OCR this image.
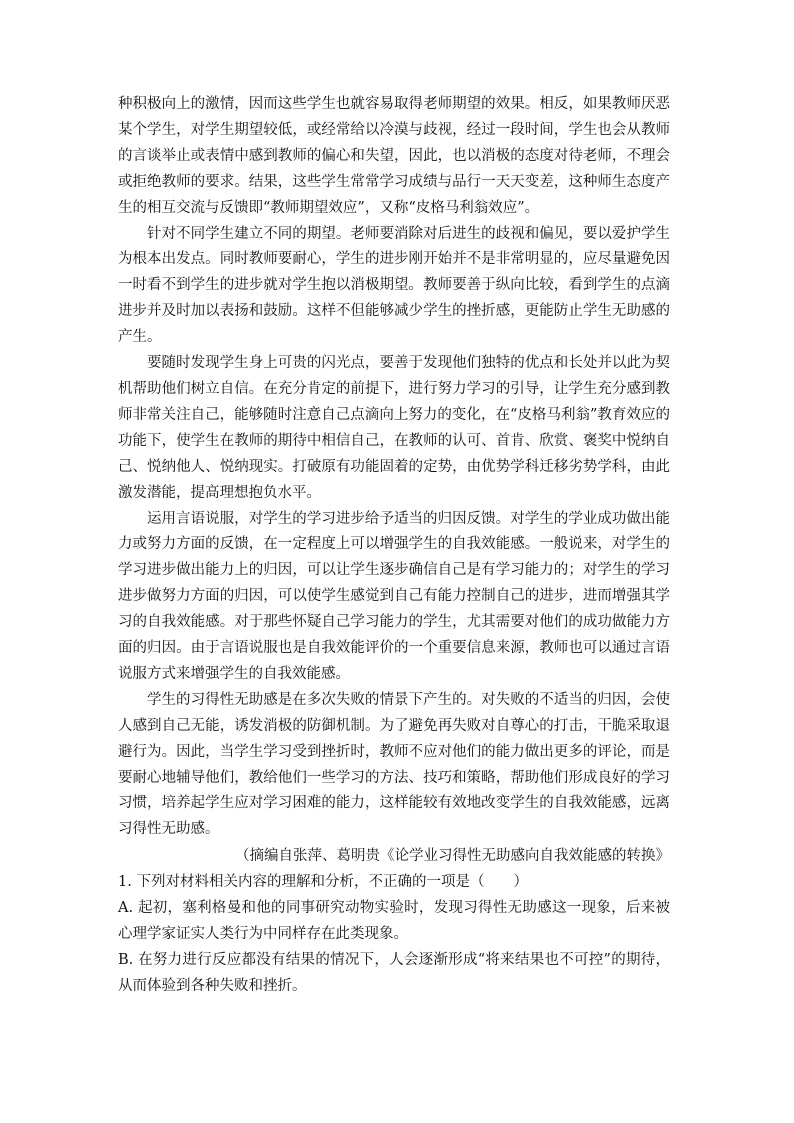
种积极向上的激情，因而这些学生也就容易取得老师期望的效果。相反，如果教师厌恶某个学生，对学生期望较低，或经常给以冷漠与歧视，经过一段时间，学生也会从教师的言谈举止或表情中感到教师的偏心和失望，因此，也以消极的态度对待老师，不理会或拒绝教师的要求。结果，这些学生常常学习成绩与品行一天天变差，这种师生态度产生的相互交流与反馈即“教师期望效应”，又称“皮格马利翁效应”。

针对不同学生建立不同的期望。老师要消除对后进生的歧视和偏见，要以爱护学生为根本出发点。同时教师要耐心，学生的进步刚开始并不是非常明显的，应尽量避免因一时看不到学生的进步就对学生抱以消极期望。教师要善于纵向比较，看到学生的点滴进步并及时加以表扬和鼓励。这样不但能够减少学生的挫折感，更能防止学生无助感的产生。

要随时发现学生身上可贵的闪光点，要善于发现他们独特的优点和长处并以此为契机帮助他们树立自信。在充分肯定的前提下，进行努力学习的引导，让学生充分感到教师非常关注自己，能够随时注意自己点滴向上努力的变化，在“皮格马利翁”教育效应的功能下，使学生在教师的期待中相信自己，在教师的认可、首肯、欣赏、褒奖中悦纳自己、悦纳他人、悦纳现实。打破原有功能固着的定势，由优势学科迁移劣势学科，由此激发潜能，提高理想抱负水平。

运用言语说服，对学生的学习进步给予适当的归因反馈。对学生的学业成功做出能力或努力方面的反馈，在一定程度上可以增强学生的自我效能感。一般说来，对学生的学习进步做出能力上的归因，可以让学生逐步确信自己是有学习能力的；对学生的学习进步做努力方面的归因，可以使学生感觉到自己有能力控制自己的进步，进而增强其学习的自我效能感。对于那些怀疑自己学习能力的学生，尤其需要对他们的成功做能力方面的归因。由于言语说服也是自我效能评价的一个重要信息来源，教师也可以通过言语说服方式来增强学生的自我效能感。

学生的习得性无助感是在多次失败的情景下产生的。对失败的不适当的归因，会使人感到自己无能，诱发消极的防御机制。为了避免再失败对自尊心的打击，干脆采取退避行为。因此，当学生学习受到挫折时，教师不应对他们的能力做出更多的评论，而是要耐心地辅导他们，教给他们一些学习的方法、技巧和策略，帮助他们形成良好的学习习惯，培养起学生应对学习困难的能力，这样能较有效地改变学生的自我效能感，远离习得性无助感。

（摘编自张萍、葛明贵《论学业习得性无助感向自我效能感的转换》

1. 下列对材料相关内容的理解和分析，不正确的一项是（　　）

A. 起初，塞利格曼和他的同事研究动物实验时，发现习得性无助感这一现象，后来被心理学家证实人类行为中同样存在此类现象。

B. 在努力进行反应都没有结果的情况下，人会逐渐形成“将来结果也不可控”的期待，从而体验到各种失败和挫折。
